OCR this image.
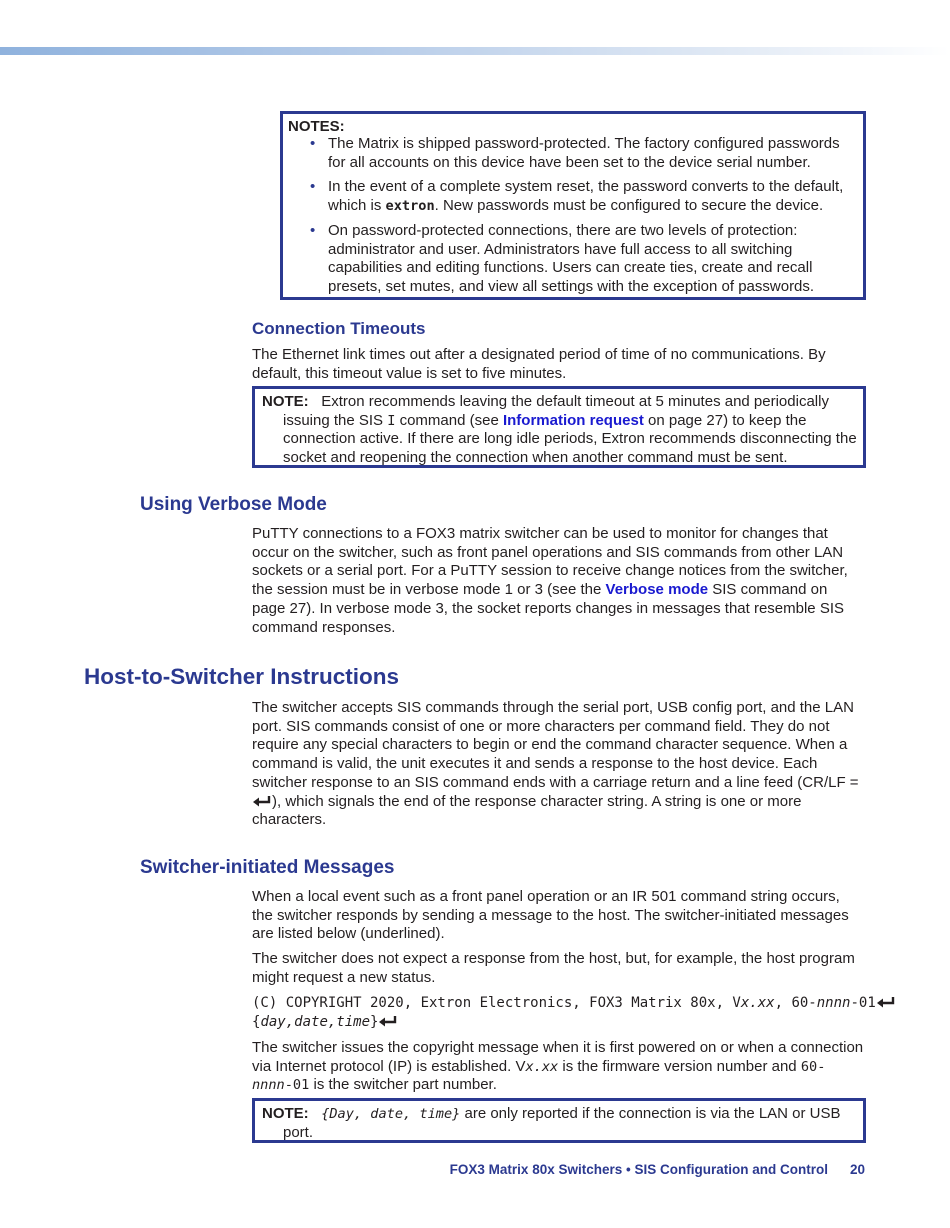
NOTES:
• The Matrix is shipped password-protected. The factory configured passwords for all accounts on this device have been set to the device serial number.
• In the event of a complete system reset, the password converts to the default, which is extron. New passwords must be configured to secure the device.
• On password-protected connections, there are two levels of protection: administrator and user. Administrators have full access to all switching capabilities and editing functions. Users can create ties, create and recall presets, set mutes, and view all settings with the exception of passwords.
Connection Timeouts

The Ethernet link times out after a designated period of time of no communications. By default, this timeout value is set to five minutes.

NOTE: Extron recommends leaving the default timeout at 5 minutes and periodically issuing the SIS I command (see Information request on page 27) to keep the connection active. If there are long idle periods, Extron recommends disconnecting the socket and reopening the connection when another command must be sent.
Using Verbose Mode

PuTTY connections to a FOX3 matrix switcher can be used to monitor for changes that occur on the switcher, such as front panel operations and SIS commands from other LAN sockets or a serial port. For a PuTTY session to receive change notices from the switcher, the session must be in verbose mode 1 or 3 (see the Verbose mode SIS command on page 27). In verbose mode 3, the socket reports changes in messages that resemble SIS command responses.

Host-to-Switcher Instructions

The switcher accepts SIS commands through the serial port, USB config port, and the LAN port. SIS commands consist of one or more characters per command field. They do not require any special characters to begin or end the command character sequence. When a command is valid, the unit executes it and sends a response to the host device. Each switcher response to an SIS command ends with a carriage return and a line feed (CR/LF = ), which signals the end of the response character string. A string is one or more characters.

Switcher-initiated Messages

When a local event such as a front panel operation or an IR 501 command string occurs, the switcher responds by sending a message to the host. The switcher-initiated messages are listed below (underlined).

The switcher does not expect a response from the host, but, for example, the host program might request a new status.

(C) COPYRIGHT 2020, Extron Electronics, FOX3 Matrix 80x, Vx.xx, 60-nnnn-01
{day,date,time}

The switcher issues the copyright message when it is first powered on or when a connection via Internet protocol (IP) is established. Vx.xx is the firmware version number and 60-nnnn-01 is the switcher part number.

NOTE: {Day, date, time} are only reported if the connection is via the LAN or USB port.
FOX3 Matrix 80x Switchers • SIS Configuration and Control 20
